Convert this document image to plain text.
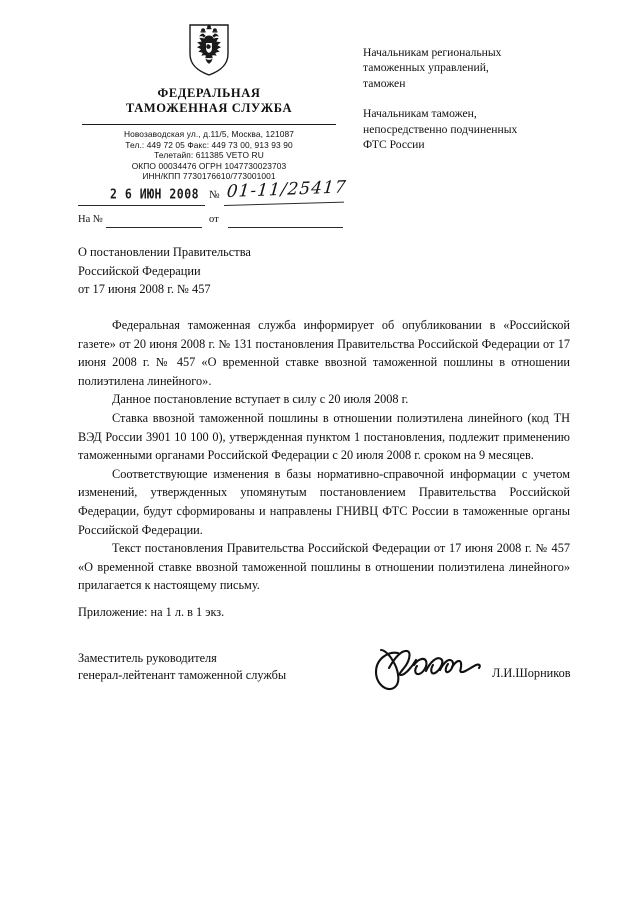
ФЕДЕРАЛЬНАЯ
ТАМОЖЕННАЯ СЛУЖБА
Новозаводская ул., д.11/5, Москва, 121087
Тел.: 449 72 05 Факс: 449 73 00, 913 93 90
Телетайп: 611385 VETO RU
ОКПО 00034476 ОГРН 1047730023703
ИНН/КПП 7730176610/773001001
2 6 ИЮН 2008 № 01-11/25417
На №	от
Начальникам региональных
таможенных управлений,
таможен
Начальникам таможен,
непосредственно подчиненных
ФТС России
О постановлении Правительства
Российской Федерации
от 17 июня 2008 г. № 457

Федеральная таможенная служба информирует об опубликовании в «Российской газете» от 20 июня 2008 г. № 131 постановления Правительства Российской Федерации от 17 июня 2008 г. № 457 «О временной ставке ввозной таможенной пошлины в отношении полиэтилена линейного».

Данное постановление вступает в силу с 20 июля 2008 г.

Ставка ввозной таможенной пошлины в отношении полиэтилена линейного (код ТН ВЭД России 3901 10 100 0), утвержденная пунктом 1 постановления, подлежит применению таможенными органами Российской Федерации с 20 июля 2008 г. сроком на 9 месяцев.

Соответствующие изменения в базы нормативно-справочной информации с учетом изменений, утвержденных упомянутым постановлением Правительства Российской Федерации, будут сформированы и направлены ГНИВЦ ФТС России в таможенные органы Российской Федерации.

Текст постановления Правительства Российской Федерации от 17 июня 2008 г. № 457 «О временной ставке ввозной таможенной пошлины в отношении полиэтилена линейного» прилагается к настоящему письму.

Приложение: на 1 л. в 1 экз.
Заместитель руководителя
генерал-лейтенант таможенной службы	Л.И.Шорников
